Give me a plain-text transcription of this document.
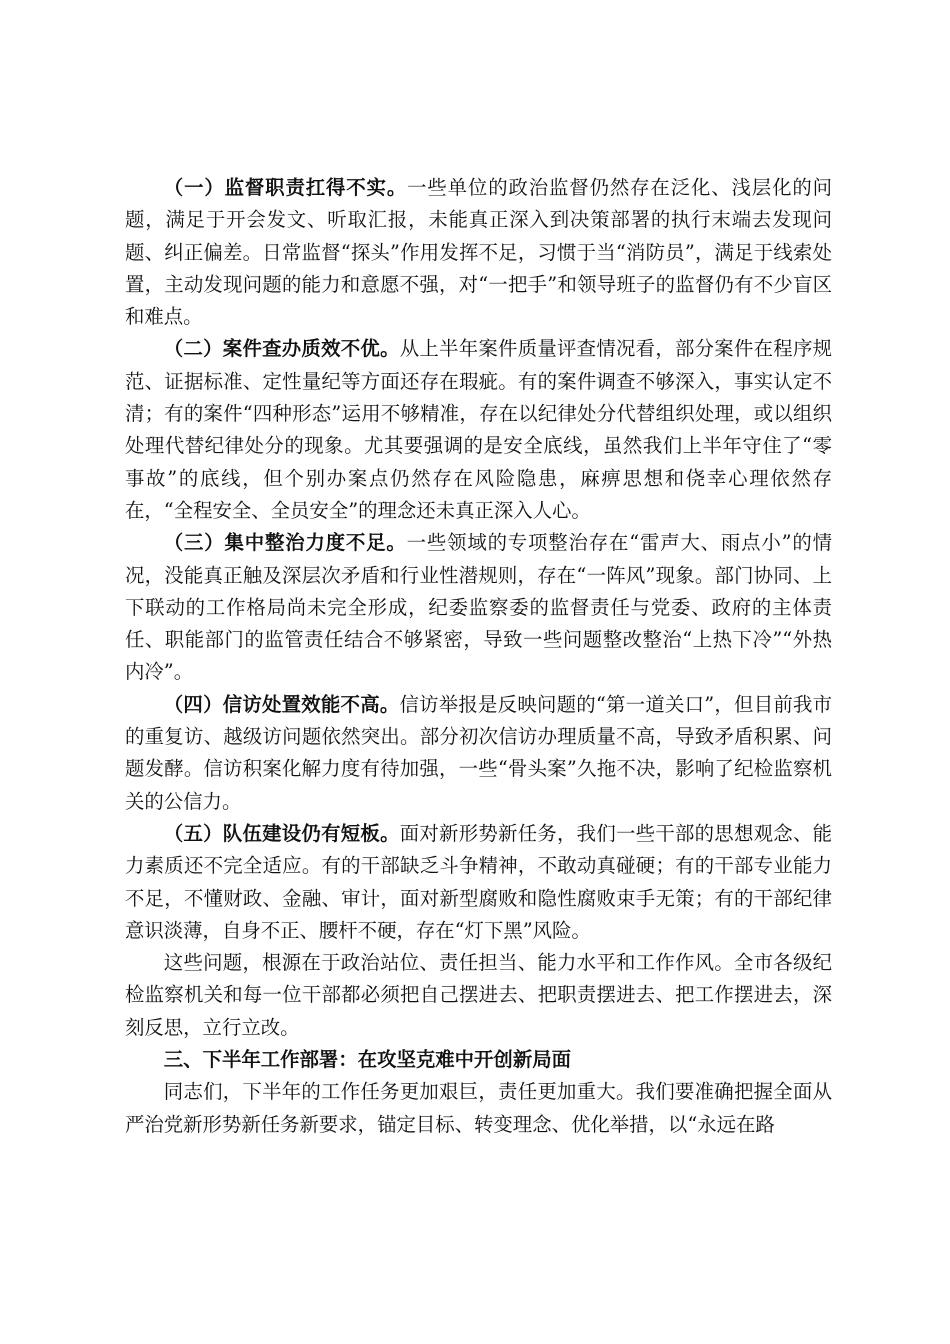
（一）监督职责扛得不实。一些单位的政治监督仍然存在泛化、浅层化的问题，满足于开会发文、听取汇报，未能真正深入到决策部署的执行末端去发现问题、纠正偏差。日常监督“探头”作用发挥不足，习惯于当“消防员”，满足于线索处置，主动发现问题的能力和意愿不强，对“一把手”和领导班子的监督仍有不少盲区和难点。

（二）案件查办质效不优。从上半年案件质量评查情况看，部分案件在程序规范、证据标准、定性量纪等方面还存在瑕疵。有的案件调查不够深入，事实认定不清；有的案件“四种形态”运用不够精准，存在以纪律处分代替组织处理，或以组织处理代替纪律处分的现象。尤其要强调的是安全底线，虽然我们上半年守住了“零事故”的底线，但个别办案点仍然存在风险隐患，麻痹思想和侥幸心理依然存在，“全程安全、全员安全”的理念还未真正深入人心。

（三）集中整治力度不足。一些领域的专项整治存在“雷声大、雨点小”的情况，没能真正触及深层次矛盾和行业性潜规则，存在“一阵风”现象。部门协同、上下联动的工作格局尚未完全形成，纪委监察委的监督责任与党委、政府的主体责任、职能部门的监管责任结合不够紧密，导致一些问题整改整治“上热下冷”“外热内冷”。

（四）信访处置效能不高。信访举报是反映问题的“第一道关口”，但目前我市的重复访、越级访问题依然突出。部分初次信访办理质量不高，导致矛盾积累、问题发酵。信访积案化解力度有待加强，一些“骨头案”久拖不决，影响了纪检监察机关的公信力。

（五）队伍建设仍有短板。面对新形势新任务，我们一些干部的思想观念、能力素质还不完全适应。有的干部缺乏斗争精神，不敢动真碰硬；有的干部专业能力不足，不懂财政、金融、审计，面对新型腐败和隐性腐败束手无策；有的干部纪律意识淡薄，自身不正、腰杆不硬，存在“灯下黑”风险。

这些问题，根源在于政治站位、责任担当、能力水平和工作作风。全市各级纪检监察机关和每一位干部都必须把自己摆进去、把职责摆进去、把工作摆进去，深刻反思，立行立改。

三、下半年工作部署：在攻坚克难中开创新局面

同志们，下半年的工作任务更加艰巨，责任更加重大。我们要准确把握全面从严治党新形势新任务新要求，锚定目标、转变理念、优化举措，以“永远在路
